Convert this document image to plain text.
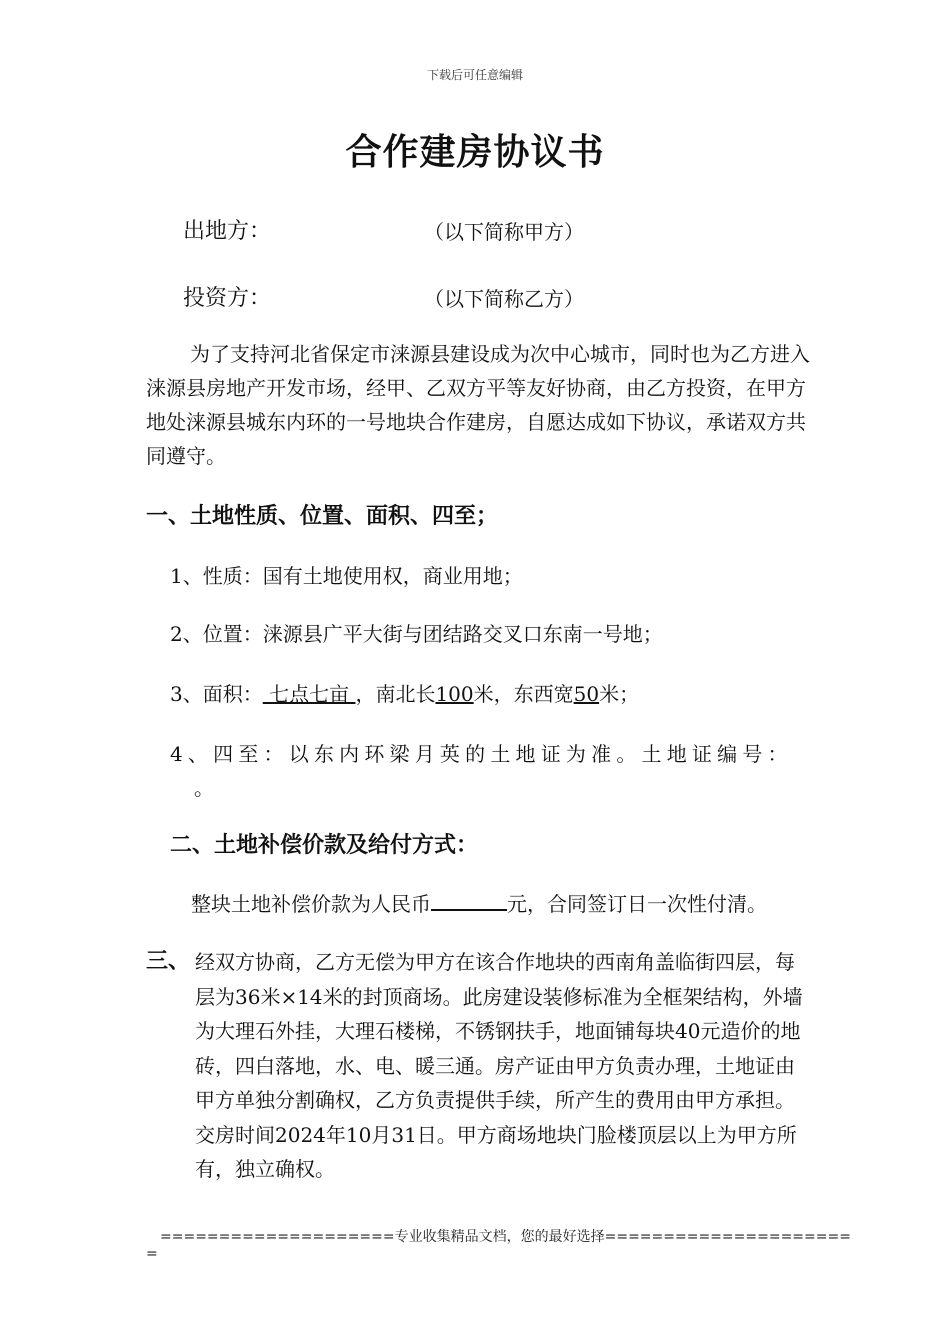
下载后可任意编辑
合作建房协议书
出地方：	（以下简称甲方）
投资方：	（以下简称乙方）
为了支持河北省保定市涞源县建设成为次中心城市，同时也为乙方进入涞源县房地产开发市场，经甲、乙双方平等友好协商，由乙方投资，在甲方地处涞源县城东内环的一号地块合作建房，自愿达成如下协议，承诺双方共同遵守。
一、土地性质、位置、面积、四至；
1、性质：国有土地使用权，商业用地；
2、位置：涞源县广平大街与团结路交叉口东南一号地；
3、面积： 七点七亩 ，南北长100米，东西宽50米；
4、四至：以东内环梁月英的土地证为准。土地证编号：
。
二、土地补偿价款及给付方式：
整块土地补偿价款为人民币	元，合同签订日一次性付清。
三、 经双方协商，乙方无偿为甲方在该合作地块的西南角盖临街四层，每层为36米×14米的封顶商场。此房建设装修标准为全框架结构，外墙为大理石外挂，大理石楼梯，不锈钢扶手，地面铺每块40元造价的地砖，四白落地，水、电、暖三通。房产证由甲方负责办理，土地证由甲方单独分割确权，乙方负责提供手续，所产生的费用由甲方承担。交房时间2024年10月31日。甲方商场地块门脸楼顶层以上为甲方所有，独立确权。
====================专业收集精品文档，您的最好选择=====================
=
